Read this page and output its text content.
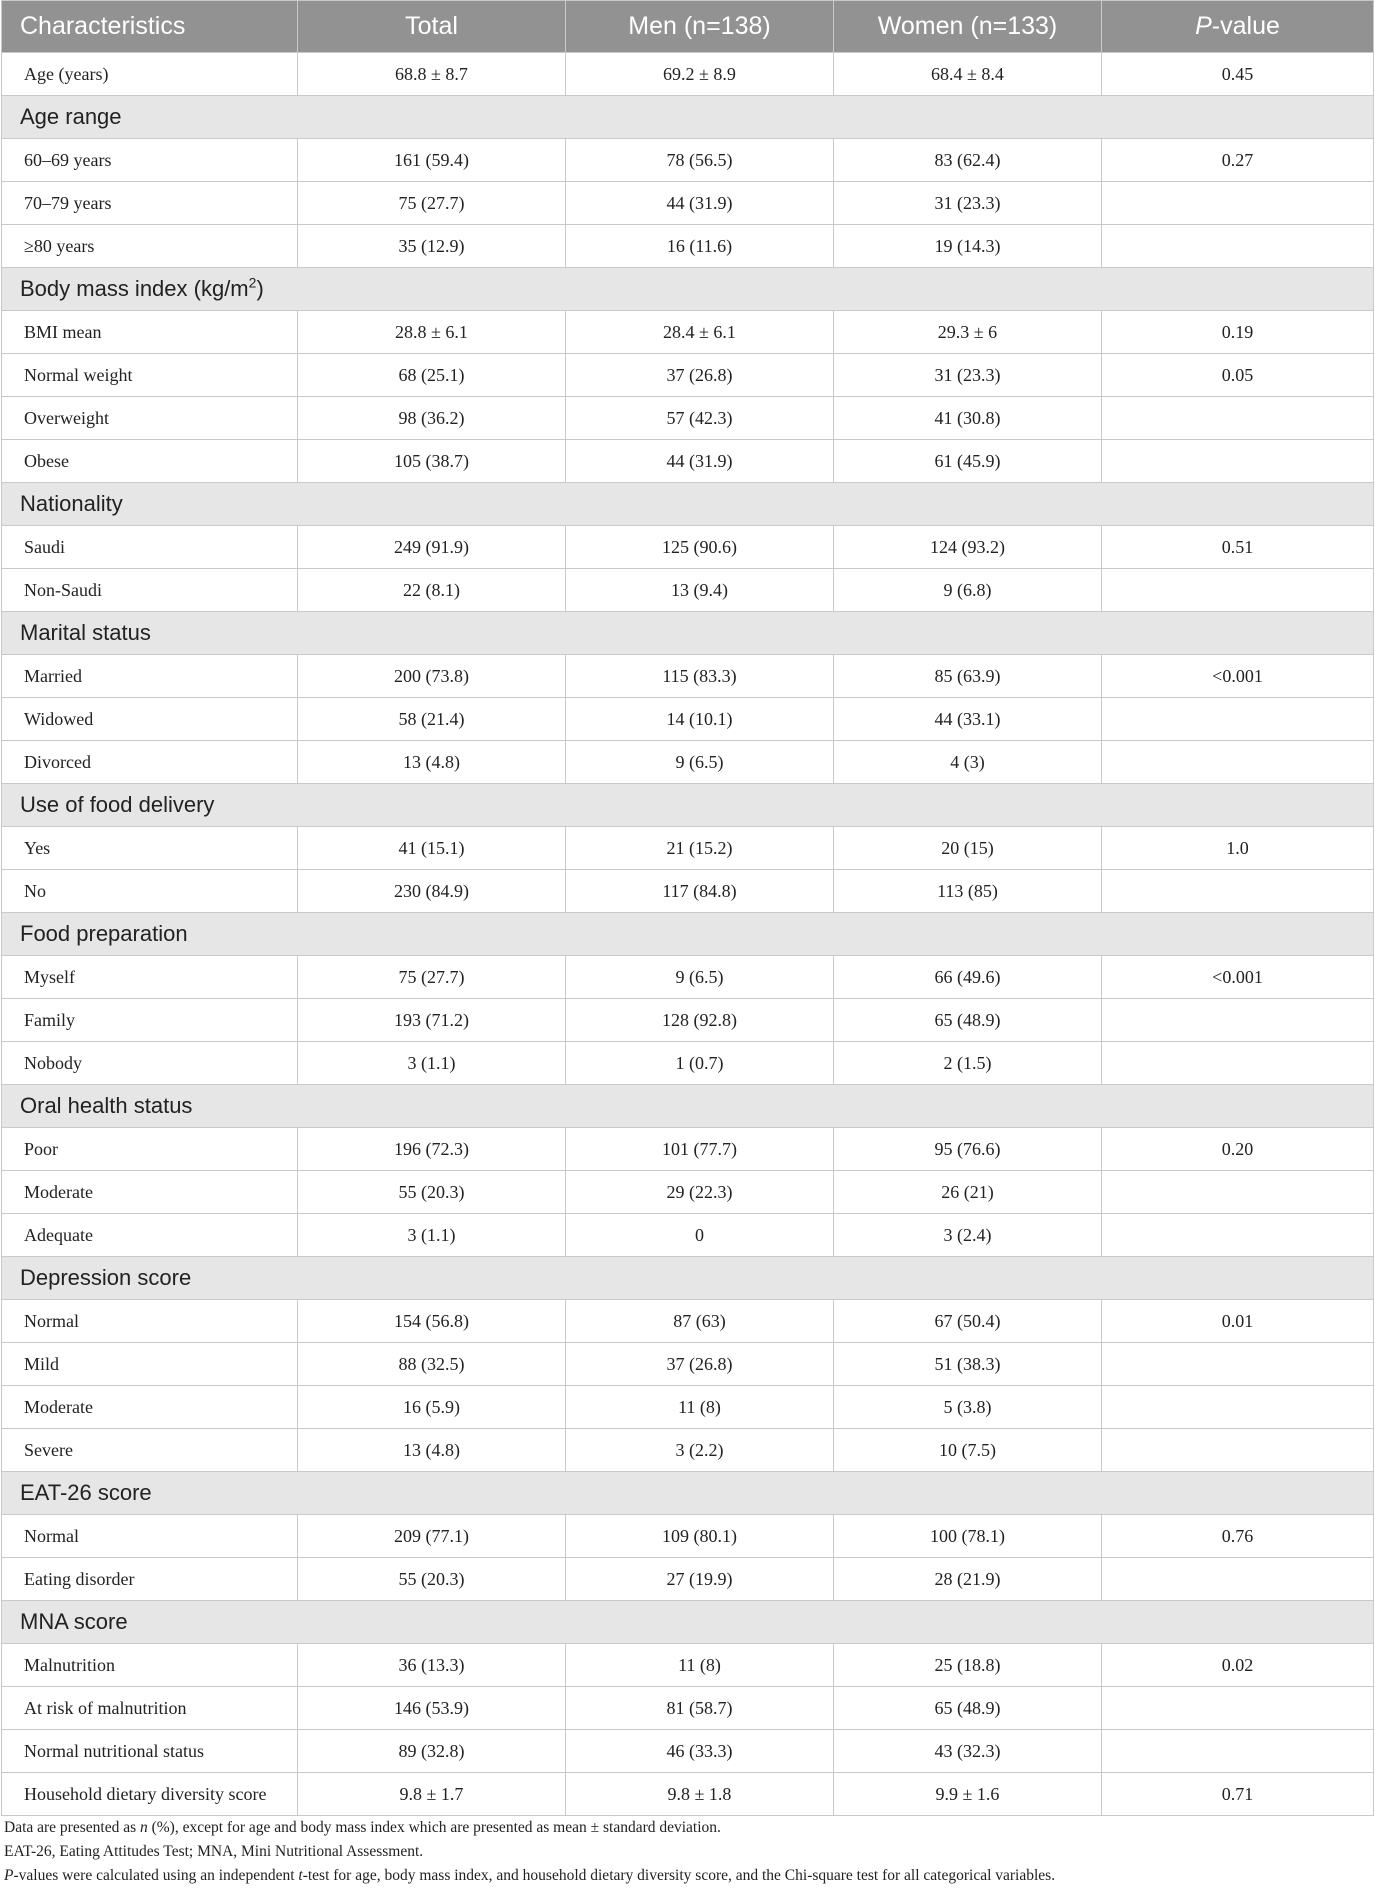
Characteristics	Total	Men (n=138)	Women (n=133)	P-value
Age (years)	68.8 ± 8.7	69.2 ± 8.9	68.4 ± 8.4	0.45
Age range				
60–69 years	161 (59.4)	78 (56.5)	83 (62.4)	0.27
70–79 years	75 (27.7)	44 (31.9)	31 (23.3)	
≥80 years	35 (12.9)	16 (11.6)	19 (14.3)	
Body mass index $(kg/m^2)$				
BMI mean	28.8 ± 6.1	28.4 ± 6.1	29.3 ± 6	0.19
Normal weight	68 (25.1)	37 (26.8)	31 (23.3)	0.05
Overweight	98 (36.2)	57 (42.3)	41 (30.8)	
Obese	105 (38.7)	44 (31.9)	61 (45.9)	
Nationality				
Saudi	249 (91.9)	125 (90.6)	124 (93.2)	0.51
Non-Saudi	22 (8.1)	13 (9.4)	9 (6.8)	
Marital status				
Married	200 (73.8)	115 (83.3)	85 (63.9)	<0.001
Widowed	58 (21.4)	14 (10.1)	44 (33.1)	
Divorced	13 (4.8)	9 (6.5)	4 (3)	
Use of food delivery				
Yes	41 (15.1)	21 (15.2)	20 (15)	1.0
No	230 (84.9)	117 (84.8)	113 (85)	
Food preparation				
Myself	75 (27.7)	9 (6.5)	66 (49.6)	<0.001
Family	193 (71.2)	128 (92.8)	65 (48.9)	
Nobody	3 (1.1)	1 (0.7)	2 (1.5)	
Oral health status				
Poor	196 (72.3)	101 (77.7)	95 (76.6)	0.20
Moderate	55 (20.3)	29 (22.3)	26 (21)	
Adequate	3 (1.1)	0	3 (2.4)	
Depression score				
Normal	154 (56.8)	87 (63)	67 (50.4)	0.01
Mild	88 (32.5)	37 (26.8)	51 (38.3)	
Moderate	16 (5.9)	11 (8)	5 (3.8)	
Severe	13 (4.8)	3 (2.2)	10 (7.5)	
EAT-26 score				
Normal	209 (77.1)	109 (80.1)	100 (78.1)	0.76
Eating disorder	55 (20.3)	27 (19.9)	28 (21.9)	
MNA score				
Malnutrition	36 (13.3)	11 (8)	25 (18.8)	0.02
At risk of malnutrition	146 (53.9)	81 (58.7)	65 (48.9)	
Normal nutritional status	89 (32.8)	46 (33.3)	43 (32.3)	
Household dietary diversity score	9.8 ± 1.7	9.8 ± 1.8	9.9 ± 1.6	0.71
Data are presented as n (%), except for age and body mass index which are presented as mean ± standard deviation.
EAT-26, Eating Attitudes Test; MNA, Mini Nutritional Assessment.
P-values were calculated using an independent t-test for age, body mass index, and household dietary diversity score, and the Chi-square test for all categorical variables.
